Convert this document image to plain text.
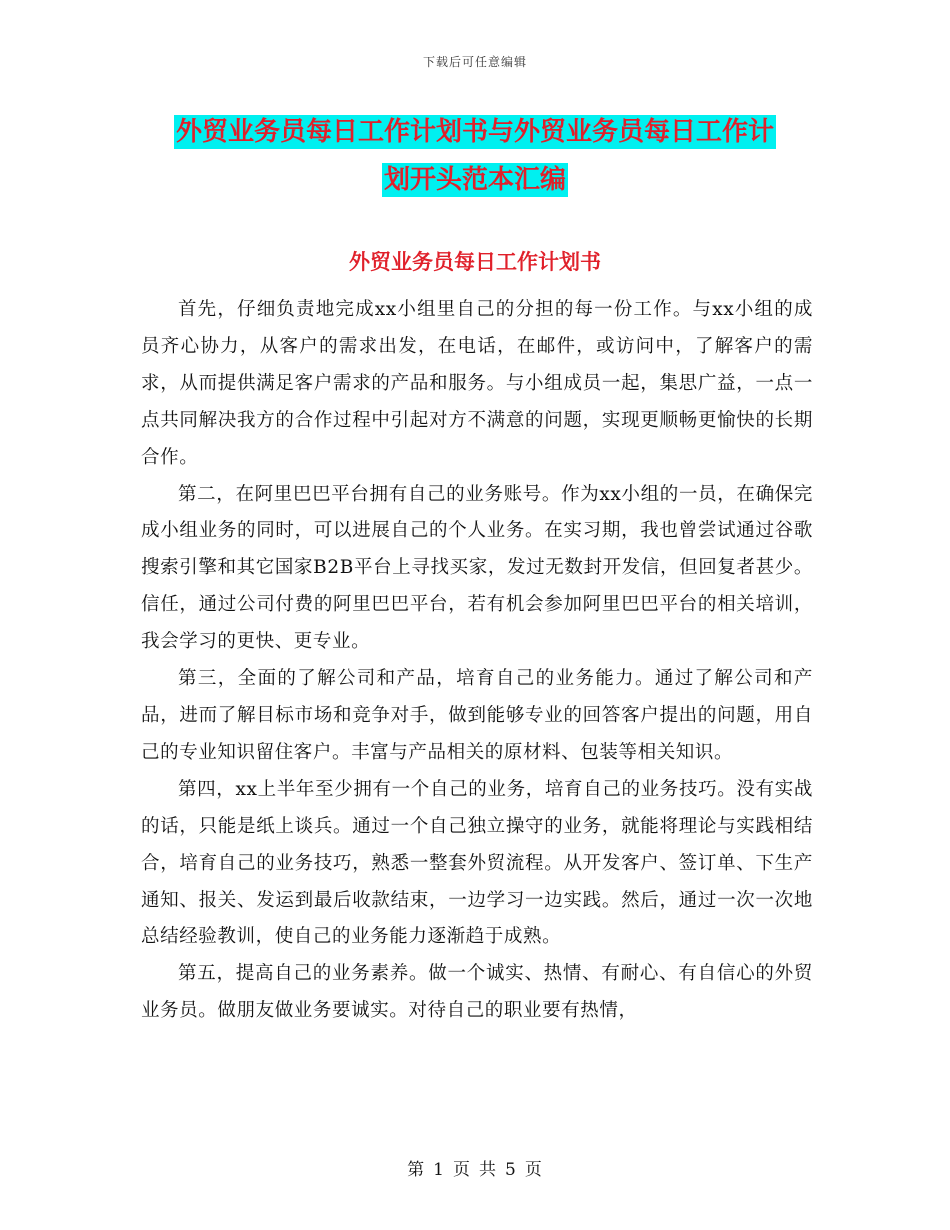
下载后可任意编辑
外贸业务员每日工作计划书与外贸业务员每日工作计
划开头范本汇编
外贸业务员每日工作计划书

首先，仔细负责地完成xx小组里自己的分担的每一份工作。与xx小组的成员齐心协力，从客户的需求出发，在电话，在邮件，或访问中，了解客户的需求，从而提供满足客户需求的产品和服务。与小组成员一起，集思广益，一点一点共同解决我方的合作过程中引起对方不满意的问题，实现更顺畅更愉快的长期合作。

第二，在阿里巴巴平台拥有自己的业务账号。作为xx小组的一员，在确保完成小组业务的同时，可以进展自己的个人业务。在实习期，我也曾尝试通过谷歌搜索引擎和其它国家B2B平台上寻找买家，发过无数封开发信，但回复者甚少。信任，通过公司付费的阿里巴巴平台，若有机会参加阿里巴巴平台的相关培训，我会学习的更快、更专业。

第三，全面的了解公司和产品，培育自己的业务能力。通过了解公司和产品，进而了解目标市场和竞争对手，做到能够专业的回答客户提出的问题，用自己的专业知识留住客户。丰富与产品相关的原材料、包装等相关知识。

第四，xx上半年至少拥有一个自己的业务，培育自己的业务技巧。没有实战的话，只能是纸上谈兵。通过一个自己独立操守的业务，就能将理论与实践相结合，培育自己的业务技巧，熟悉一整套外贸流程。从开发客户、签订单、下生产通知、报关、发运到最后收款结束，一边学习一边实践。然后，通过一次一次地总结经验教训，使自己的业务能力逐渐趋于成熟。

第五，提高自己的业务素养。做一个诚实、热情、有耐心、有自信心的外贸业务员。做朋友做业务要诚实。对待自己的职业要有热情，

第 1 页 共 5 页
